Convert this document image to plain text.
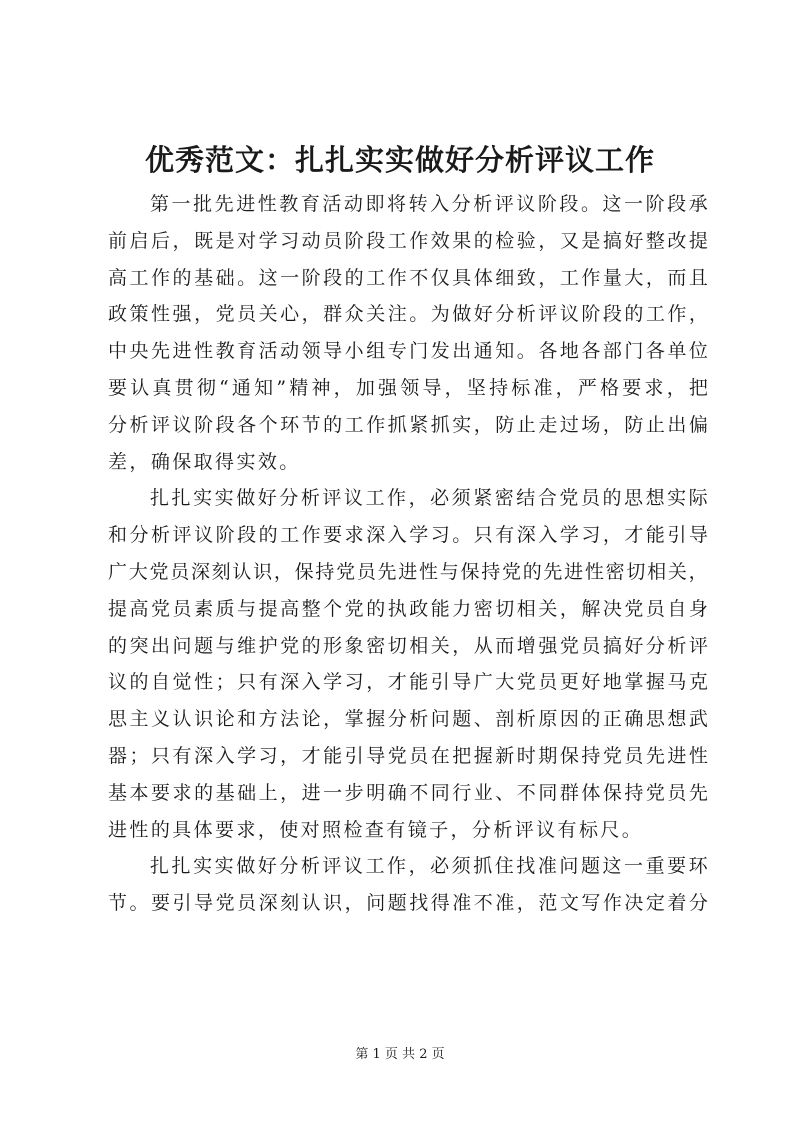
优秀范文：扎扎实实做好分析评议工作
第 一 批 先 进 性 教 育 活 动 即 将 转 入 分 析 评 议 阶 段 。 这 一 阶 段 承
前 启 后 ， 既 是 对 学 习 动 员 阶 段 工 作 效 果 的 检 验 ， 又 是 搞 好 整 改 提
高 工 作 的 基 础 。 这 一 阶 段 的 工 作 不 仅 具 体 细 致 ， 工 作 量 大 ， 而 且
政 策 性 强 ， 党 员 关 心 ， 群 众 关 注 。 为 做 好 分 析 评 议 阶 段 的 工 作 ，
中 央 先 进 性 教 育 活 动 领 导 小 组 专 门 发 出 通 知 。 各 地 各 部 门 各 单 位
要 认 真 贯 彻 “ 通 知 ” 精 神 ， 加 强 领 导 ， 坚 持 标 准 ， 严 格 要 求 ， 把
分 析 评 议 阶 段 各 个 环 节 的 工 作 抓 紧 抓 实 ， 防 止 走 过 场 ， 防 止 出 偏
差 ， 确 保 取 得 实 效 。
扎 扎 实 实 做 好 分 析 评 议 工 作 ， 必 须 紧 密 结 合 党 员 的 思 想 实 际
和 分 析 评 议 阶 段 的 工 作 要 求 深 入 学 习 。 只 有 深 入 学 习 ， 才 能 引 导
广 大 党 员 深 刻 认 识 ， 保 持 党 员 先 进 性 与 保 持 党 的 先 进 性 密 切 相 关 ，
提 高 党 员 素 质 与 提 高 整 个 党 的 执 政 能 力 密 切 相 关 ， 解 决 党 员 自 身
的 突 出 问 题 与 维 护 党 的 形 象 密 切 相 关 ， 从 而 增 强 党 员 搞 好 分 析 评
议 的 自 觉 性 ； 只 有 深 入 学 习 ， 才 能 引 导 广 大 党 员 更 好 地 掌 握 马 克
思 主 义 认 识 论 和 方 法 论 ， 掌 握 分 析 问 题 、 剖 析 原 因 的 正 确 思 想 武
器 ； 只 有 深 入 学 习 ， 才 能 引 导 党 员 在 把 握 新 时 期 保 持 党 员 先 进 性
基 本 要 求 的 基 础 上 ， 进 一 步 明 确 不 同 行 业 、 不 同 群 体 保 持 党 员 先
进 性 的 具 体 要 求 ， 使 对 照 检 查 有 镜 子 ， 分 析 评 议 有 标 尺 。
扎 扎 实 实 做 好 分 析 评 议 工 作 ， 必 须 抓 住 找 准 问 题 这 一 重 要 环
节 。 要 引 导 党 员 深 刻 认 识 ， 问 题 找 得 准 不 准 ， 范 文 写 作 决 定 着 分
第 1 页 共 2 页
